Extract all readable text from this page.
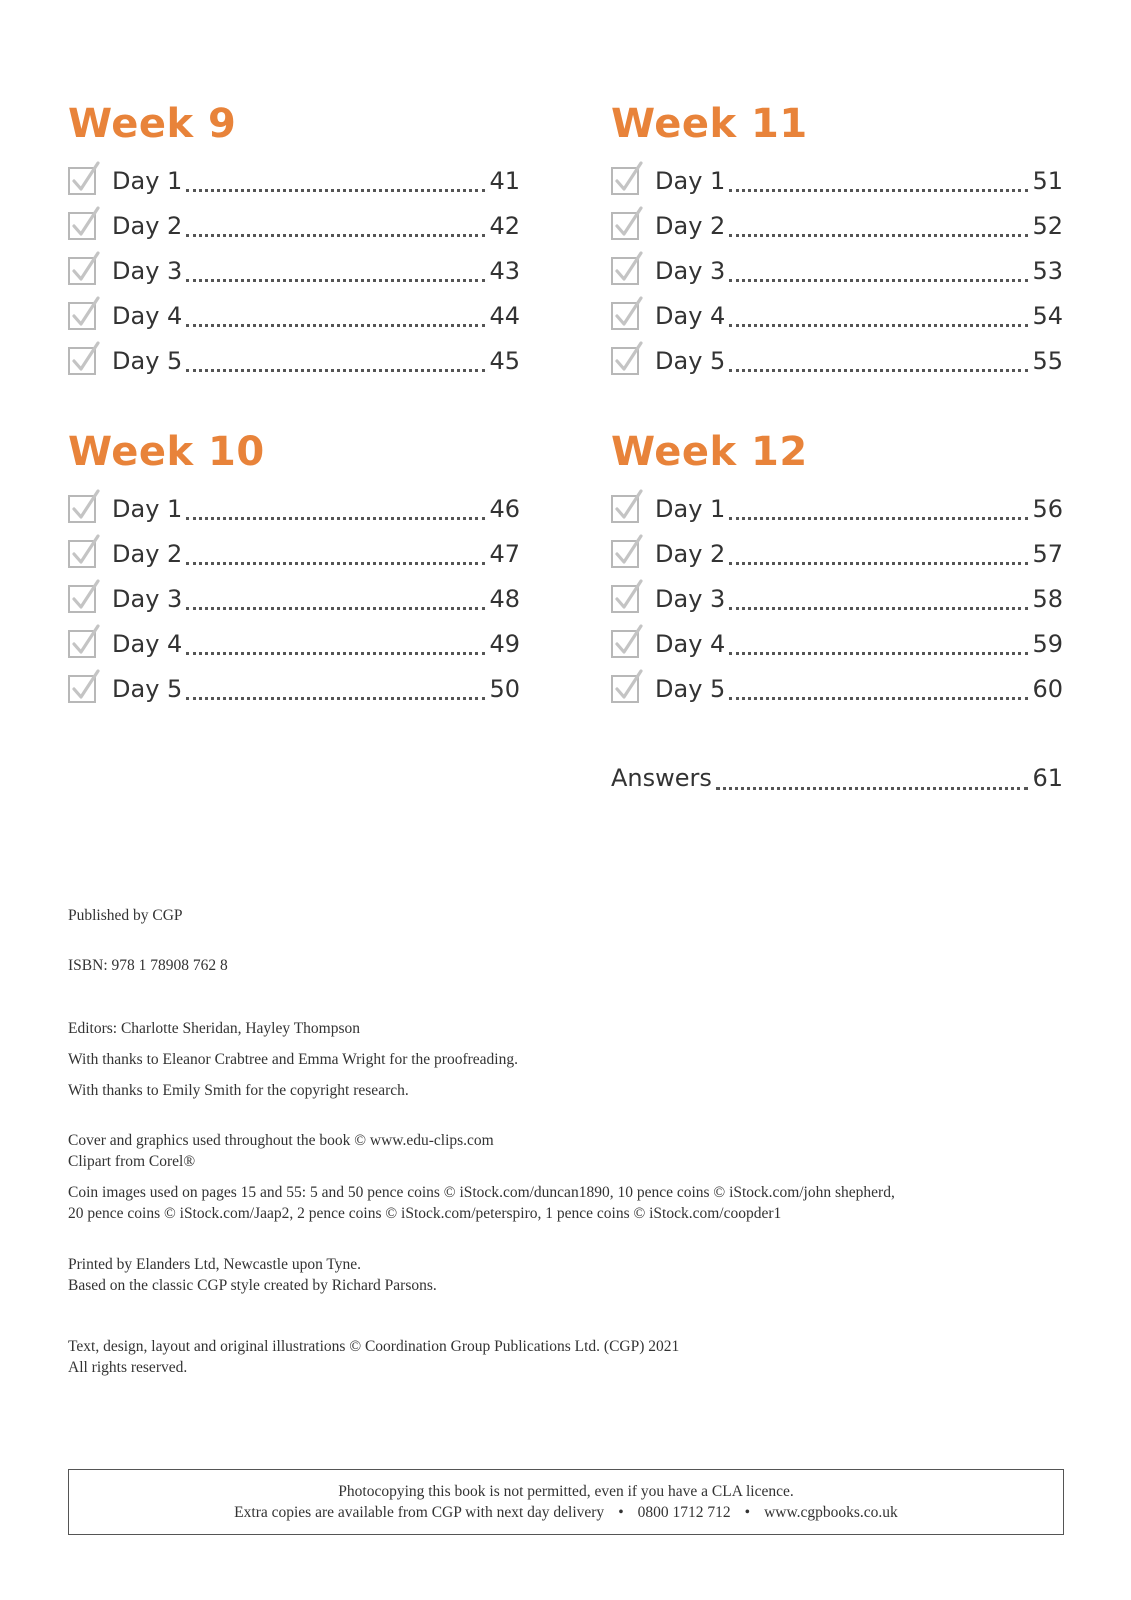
Week 9
Day 1	41
Day 2	42
Day 3	43
Day 4	44
Day 5	45
Week 10
Day 1	46
Day 2	47
Day 3	48
Day 4	49
Day 5	50
Week 11
Day 1	51
Day 2	52
Day 3	53
Day 4	54
Day 5	55
Week 12
Day 1	56
Day 2	57
Day 3	58
Day 4	59
Day 5	60
Answers	61

Published by CGP

ISBN: 978 1 78908 762 8

Editors: Charlotte Sheridan, Hayley Thompson

With thanks to Eleanor Crabtree and Emma Wright for the proofreading.

With thanks to Emily Smith for the copyright research.

Cover and graphics used throughout the book © www.edu-clips.com

Clipart from Corel®

Coin images used on pages 15 and 55: 5 and 50 pence coins © iStock.com/duncan1890, 10 pence coins © iStock.com/john shepherd,

20 pence coins © iStock.com/Jaap2, 2 pence coins © iStock.com/peterspiro, 1 pence coins © iStock.com/coopder1

Printed by Elanders Ltd, Newcastle upon Tyne.

Based on the classic CGP style created by Richard Parsons.

Text, design, layout and original illustrations © Coordination Group Publications Ltd. (CGP) 2021

All rights reserved.

Photocopying this book is not permitted, even if you have a CLA licence.
Extra copies are available from CGP with next day delivery • 0800 1712 712 • www.cgpbooks.co.uk
